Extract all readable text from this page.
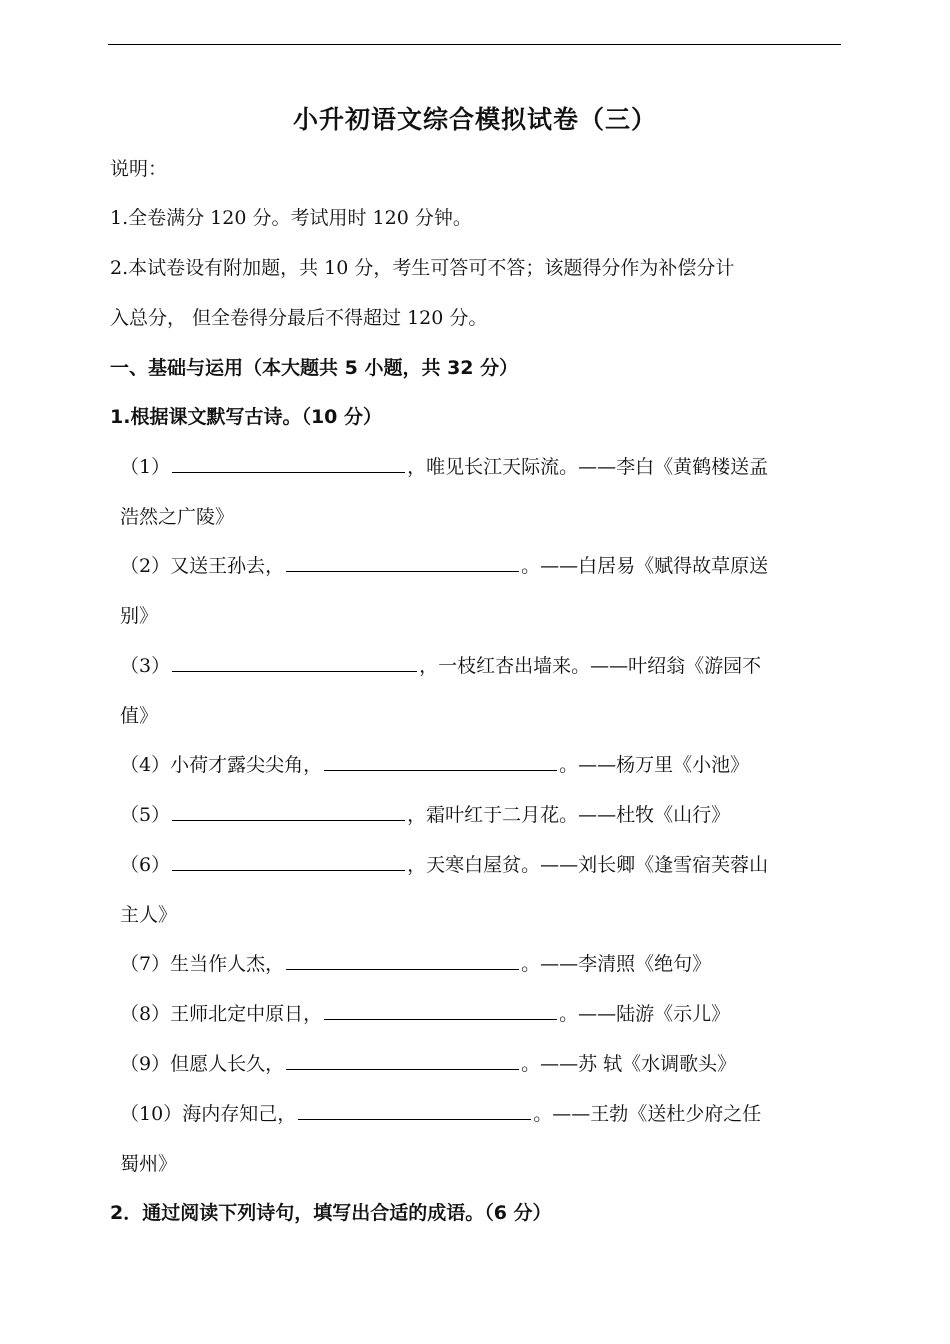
小升初语文综合模拟试卷（三）
说明：
1.全卷满分 120 分。考试用时 120 分钟。
2.本试卷设有附加题，共 10 分，考生可答可不答；该题得分作为补偿分计
入总分， 但全卷得分最后不得超过 120 分。
一、基础与运用（本大题共 5 小题，共 32 分）
1.根据课文默写古诗。（10 分）
（1）	，唯见长江天际流。——李白《黄鹤楼送孟
浩然之广陵》
（2）又送王孙去，	。——白居易《赋得故草原送
别》
（3）	，一枝红杏出墙来。——叶绍翁《游园不
值》
（4）小荷才露尖尖角，	。——杨万里《小池》
（5）	，霜叶红于二月花。——杜牧《山行》
（6）	，天寒白屋贫。——刘长卿《逢雪宿芙蓉山
主人》
（7）生当作人杰，	。——李清照《绝句》
（8）王师北定中原日，	。——陆游《示儿》
（9）但愿人长久，	。——苏 轼《水调歌头》
（10）海内存知己，	。——王勃《送杜少府之任
蜀州》
2．通过阅读下列诗句，填写出合适的成语。（6 分）
